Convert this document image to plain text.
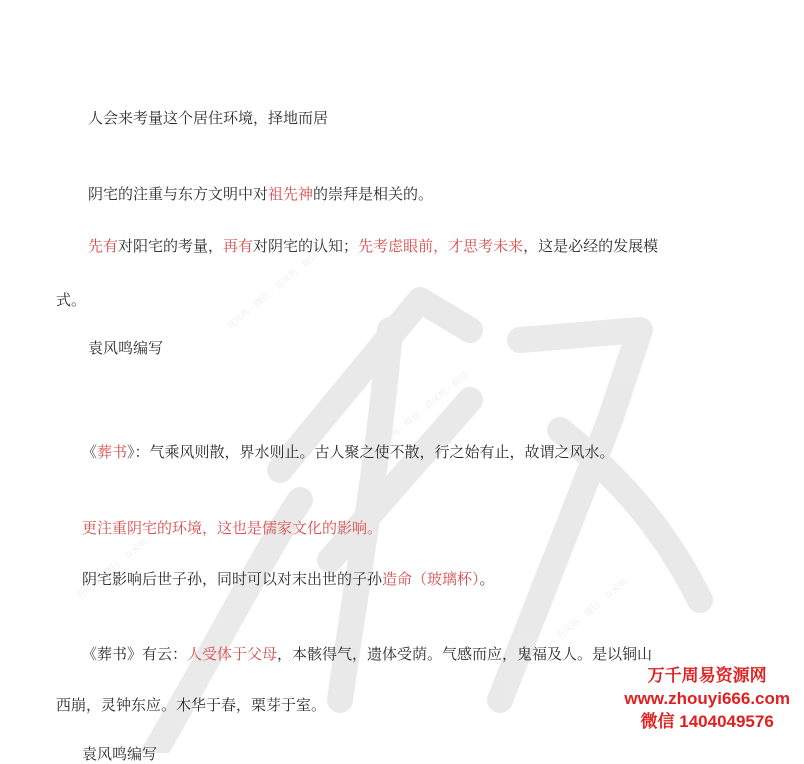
袁风鸣 · 微信 · 袁风鸣 · 微信
袁风鸣 · 微信 · 袁风鸣 · 微信
袁风鸣 · 微信 · 袁风鸣
袁风鸣 · 微信 · 袁风鸣
人会来考量这个居住环境，择地而居
阴宅的注重与东方文明中对祖先神的崇拜是相关的。
先有对阳宅的考量，再有对阴宅的认知；先考虑眼前，才思考未来，这是必经的发展模
式。
袁风鸣编写
《葬书》：气乘风则散，界水则止。古人聚之使不散，行之始有止，故谓之风水。
更注重阴宅的环境，这也是儒家文化的影响。
阴宅影响后世子孙，同时可以对末出世的子孙造命（玻璃杯）。
《葬书》有云：人受体于父母，本骸得气，遗体受荫。气感而应，鬼福及人。是以铜山
西崩，灵钟东应。木华于春，栗芽于室。
袁风鸣编写
万千周易资源网
www.zhouyi666.com
微信 1404049576
